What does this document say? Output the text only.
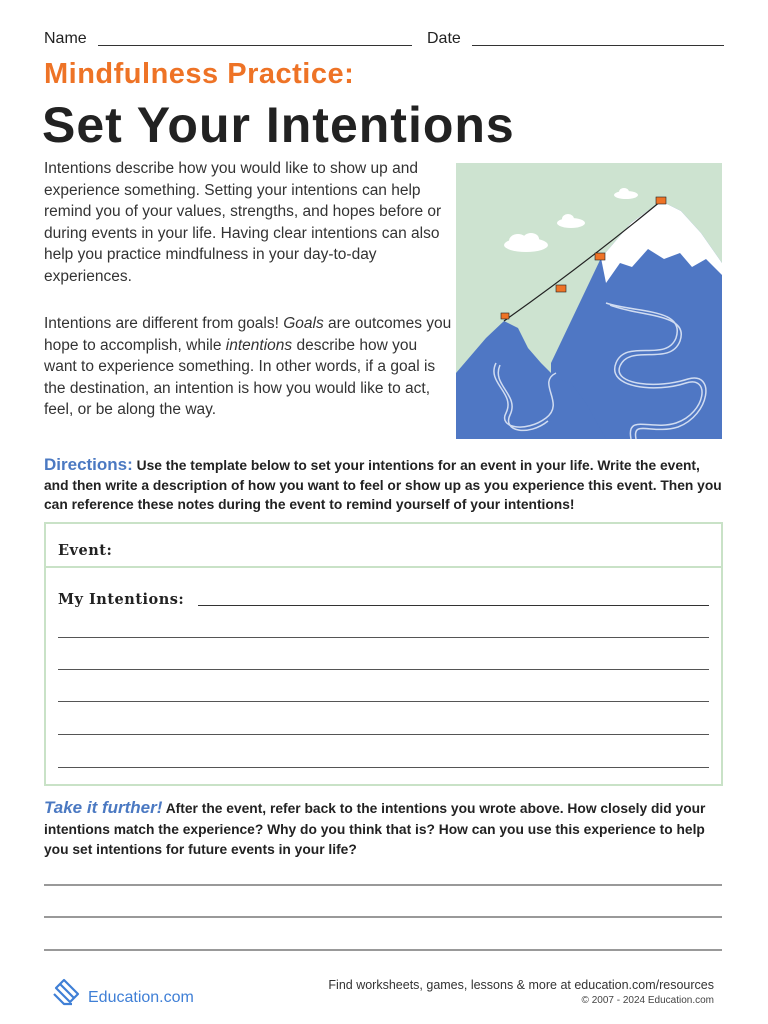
Name	Date
Mindfulness Practice:
Set Your Intentions

Intentions describe how you would like to show up and experience something. Setting your intentions can help remind you of your values, strengths, and hopes before or during events in your life. Having clear intentions can also help you practice mindfulness in your day-to-day experiences.

Intentions are different from goals! Goals are outcomes you hope to accomplish, while intentions describe how you want to experience something. In other words, if a goal is the destination, an intention is how you would like to act, feel, or be along the way.

Directions: Use the template below to set your intentions for an event in your life. Write the event, and then write a description of how you want to feel or show up as you experience this event. Then you can reference these notes during the event to remind yourself of your intentions!

Event:
My Intentions:

Take it further! After the event, refer back to the intentions you wrote above. How closely did your intentions match the experience? Why do you think that is? How can you use this experience to help you set intentions for future events in your life?

Education.com
Find worksheets, games, lessons & more at education.com/resources
© 2007 - 2024 Education.com
